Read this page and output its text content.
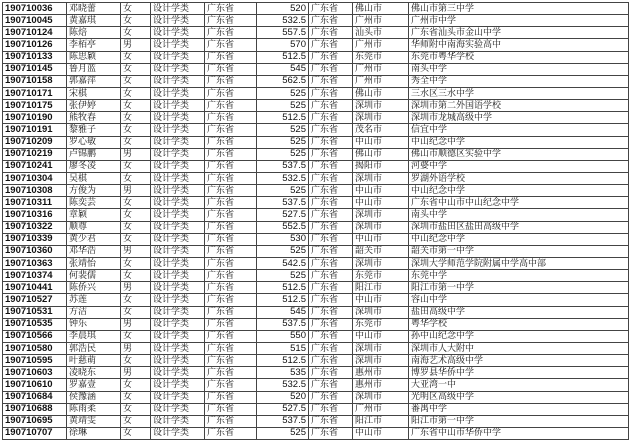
190710036	邓晓蕾	女	设计学类	广东省	520	广东省	佛山市	佛山市第三中学
190710045	黄嘉琪	女	设计学类	广东省	532.5	广东省	广州市	广州市中学
190710124	陈焙	女	设计学类	广东省	557.5	广东省	汕头市	广东省汕头市金山中学
190710126	李栢亭	男	设计学类	广东省	570	广东省	广州市	华师附中南海实验高中
190710133	陈思颖	女	设计学类	广东省	512.5	广东省	东莞市	东莞市粤华学校
190710145	鲁月蓝	女	设计学类	广东省	545	广东省	广州市	南头中学
190710158	郭嘉萍	女	设计学类	广东省	562.5	广东省	广州市	秀全中学
190710171	宋棋	女	设计学类	广东省	525	广东省	佛山市	三水区三水中学
190710175	张伊婷	女	设计学类	广东省	525	广东省	深圳市	深圳市第二外国语学校
190710190	熊牧春	女	设计学类	广东省	512.5	广东省	深圳市	深圳市龙城高级中学
190710191	黎雅子	女	设计学类	广东省	525	广东省	茂名市	信宜中学
190710209	罗心敏	女	设计学类	广东省	525	广东省	中山市	中山纪念中学
190710219	卢锦鹏	男	设计学类	广东省	525	广东省	佛山市	佛山市顺德区实验中学
190710241	廖冬凌	女	设计学类	广东省	537.5	广东省	揭阳市	河婆中学
190710304	吴棋	女	设计学类	广东省	532.5	广东省	深圳市	罗湖外语学校
190710308	方俊为	男	设计学类	广东省	525	广东省	中山市	中山纪念中学
190710311	陈奕芸	女	设计学类	广东省	537.5	广东省	中山市	广东省中山市中山纪念中学
190710316	章颖	女	设计学类	广东省	527.5	广东省	深圳市	南头中学
190710322	顺尊	女	设计学类	广东省	552.5	广东省	深圳市	深圳市盐田区盐田高级中学
190710339	黄少君	女	设计学类	广东省	530	广东省	中山市	中山纪念中学
190710360	邓华浩	男	设计学类	广东省	525	广东省	韶关市	韶关市第一中学
190710363	张靖怡	女	设计学类	广东省	542.5	广东省	深圳市	深圳大学师范学院附属中学高中部
190710374	何裴儒	女	设计学类	广东省	525	广东省	东莞市	东莞中学
190710441	陈侨兴	男	设计学类	广东省	512.5	广东省	阳江市	阳江市第一中学
190710527	苏莲	女	设计学类	广东省	512.5	广东省	中山市	容山中学
190710531	方洁	女	设计学类	广东省	545	广东省	深圳市	盐田高级中学
190710535	钟乐	男	设计学类	广东省	537.5	广东省	东莞市	粤华学校
190710566	李晨琪	女	设计学类	广东省	550	广东省	中山市	孙中山纪念中学
190710580	郭浩民	男	设计学类	广东省	515	广东省	深圳市	深圳市人大附中
190710595	叶慈萌	女	设计学类	广东省	512.5	广东省	深圳市	南海艺术高级中学
190710603	凌晓东	男	设计学类	广东省	535	广东省	惠州市	博罗县华侨中学
190710610	罗嘉壹	女	设计学类	广东省	532.5	广东省	惠州市	大亚湾一中
190710684	侯豫涵	女	设计学类	广东省	520	广东省	深圳市	光明区高级中学
190710688	陈雨柔	女	设计学类	广东省	527.5	广东省	广州市	番禺中学
190710695	黄靖雯	女	设计学类	广东省	537.5	广东省	阳江市	阳江市第一中学
190710707	徐琳	女	设计学类	广东省	525	广东省	中山市	广东省中山市华侨中学
